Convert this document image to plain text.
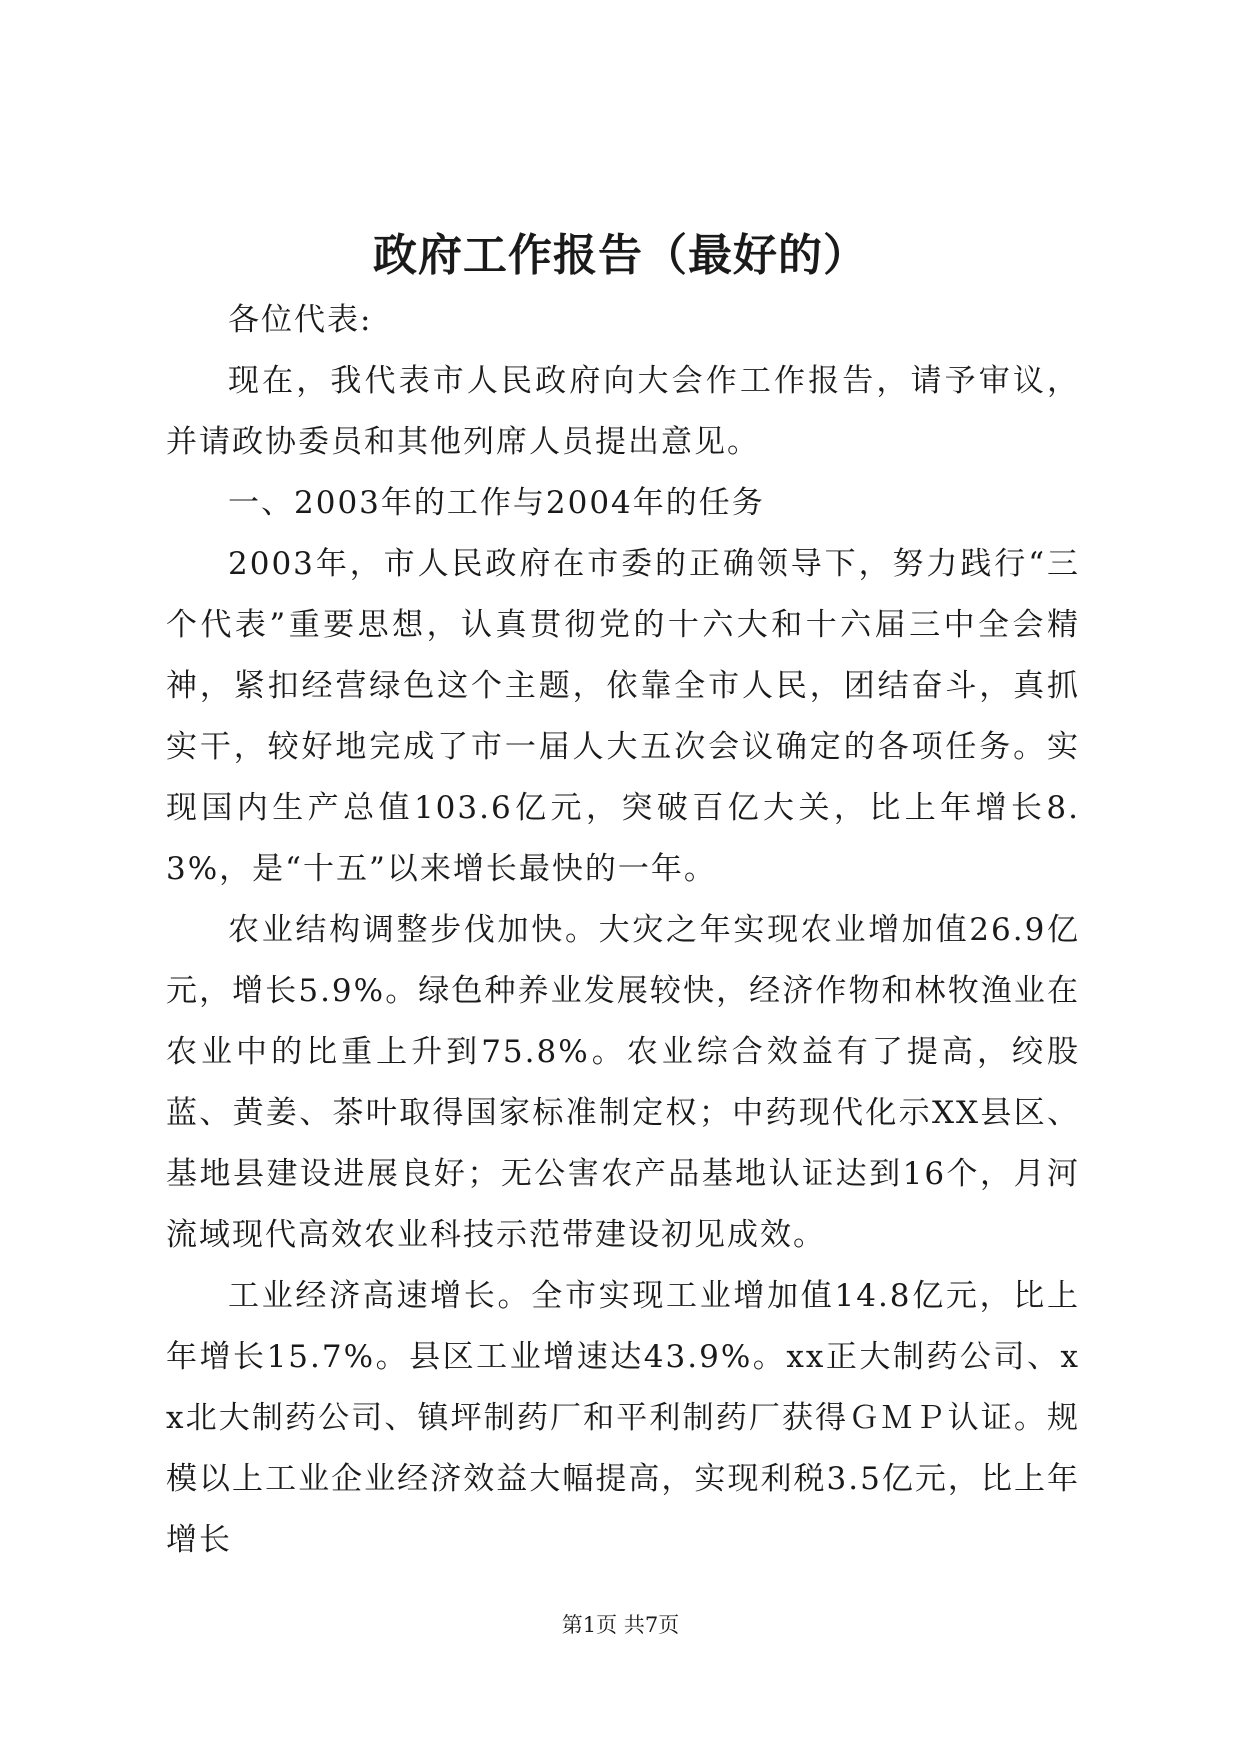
政府工作报告（最好的）

各位代表:

现在，我代表市人民政府向大会作工作报告，请予审议，并请政协委员和其他列席人员提出意见。

一、2003年的工作与2004年的任务

2003年，市人民政府在市委的正确领导下，努力践行“三个代表”重要思想，认真贯彻党的十六大和十六届三中全会精神，紧扣经营绿色这个主题，依靠全市人民，团结奋斗，真抓实干，较好地完成了市一届人大五次会议确定的各项任务。实现国内生产总值103.6亿元，突破百亿大关，比上年增长8.3%，是“十五”以来增长最快的一年。

农业结构调整步伐加快。大灾之年实现农业增加值26.9亿元，增长5.9%。绿色种养业发展较快，经济作物和林牧渔业在农业中的比重上升到75.8%。农业综合效益有了提高，绞股蓝、黄姜、茶叶取得国家标准制定权；中药现代化示XX县区、基地县建设进展良好；无公害农产品基地认证达到16个，月河流域现代高效农业科技示范带建设初见成效。

工业经济高速增长。全市实现工业增加值14.8亿元，比上年增长15.7%。县区工业增速达43.9%。xx正大制药公司、xx北大制药公司、镇坪制药厂和平利制药厂获得ＧＭＰ认证。规模以上工业企业经济效益大幅提高，实现利税3.5亿元，比上年增长

第1页 共7页
